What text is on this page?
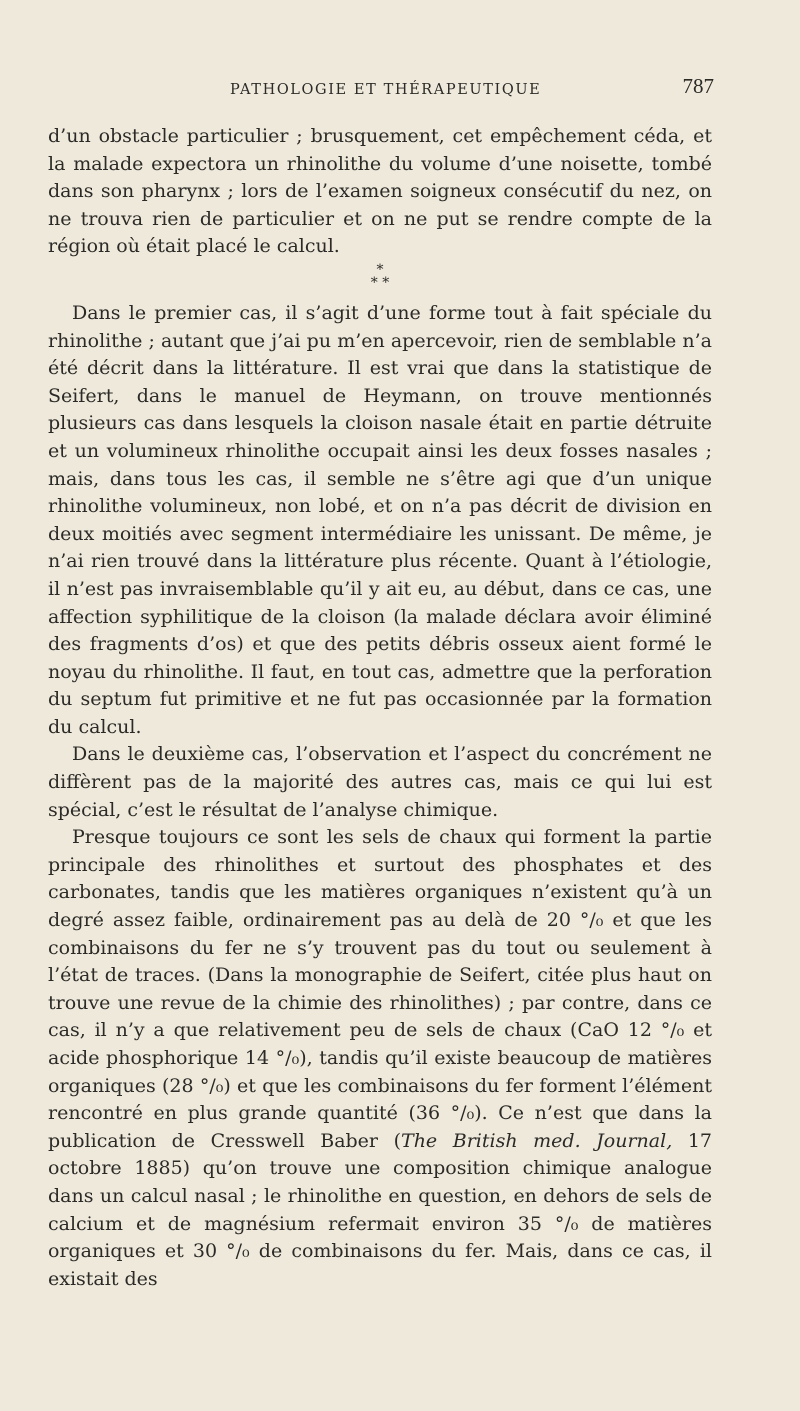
PATHOLOGIE ET THÉRAPEUTIQUE	787

d’un obstacle particulier ; brusquement, cet empêchement céda, et la malade expectora un rhinolithe du volume d’une noisette, tombé dans son pharynx ; lors de l’examen soigneux consécutif du nez, on ne trouva rien de particulier et on ne put se rendre compte de la région où était placé le calcul.

*
* *

Dans le premier cas, il s’agit d’une forme tout à fait spéciale du rhinolithe ; autant que j’ai pu m’en apercevoir, rien de semblable n’a été décrit dans la littérature. Il est vrai que dans la statistique de Seifert, dans le manuel de Heymann, on trouve mentionnés plusieurs cas dans lesquels la cloison nasale était en partie détruite et un volumineux rhinolithe occupait ainsi les deux fosses nasales ; mais, dans tous les cas, il semble ne s’être agi que d’un unique rhinolithe volumineux, non lobé, et on n’a pas décrit de division en deux moitiés avec segment intermédiaire les unissant. De même, je n’ai rien trouvé dans la littérature plus récente. Quant à l’étiologie, il n’est pas invraisemblable qu’il y ait eu, au début, dans ce cas, une affection syphilitique de la cloison (la malade déclara avoir éliminé des fragments d’os) et que des petits débris osseux aient formé le noyau du rhinolithe. Il faut, en tout cas, admettre que la perforation du septum fut primitive et ne fut pas occasionnée par la formation du calcul.

Dans le deuxième cas, l’observation et l’aspect du concrément ne diffèrent pas de la majorité des autres cas, mais ce qui lui est spécial, c’est le résultat de l’analyse chimique.

Presque toujours ce sont les sels de chaux qui forment la partie principale des rhinolithes et surtout des phosphates et des carbonates, tandis que les matières organiques n’existent qu’à un degré assez faible, ordinairement pas au delà de 20 °/₀ et que les combinaisons du fer ne s’y trouvent pas du tout ou seulement à l’état de traces. (Dans la monographie de Seifert, citée plus haut on trouve une revue de la chimie des rhinolithes) ; par contre, dans ce cas, il n’y a que relativement peu de sels de chaux (CaO 12 °/₀ et acide phosphorique 14 °/₀), tandis qu’il existe beaucoup de matières organiques (28 °/₀) et que les combinaisons du fer forment l’élément rencontré en plus grande quantité (36 °/₀). Ce n’est que dans la publication de Cresswell Baber (The British med. Journal, 17 octobre 1885) qu’on trouve une composition chimique analogue dans un calcul nasal ; le rhinolithe en question, en dehors de sels de calcium et de magnésium refermait environ 35 °/₀ de matières organiques et 30 °/₀ de combinaisons du fer. Mais, dans ce cas, il existait des
